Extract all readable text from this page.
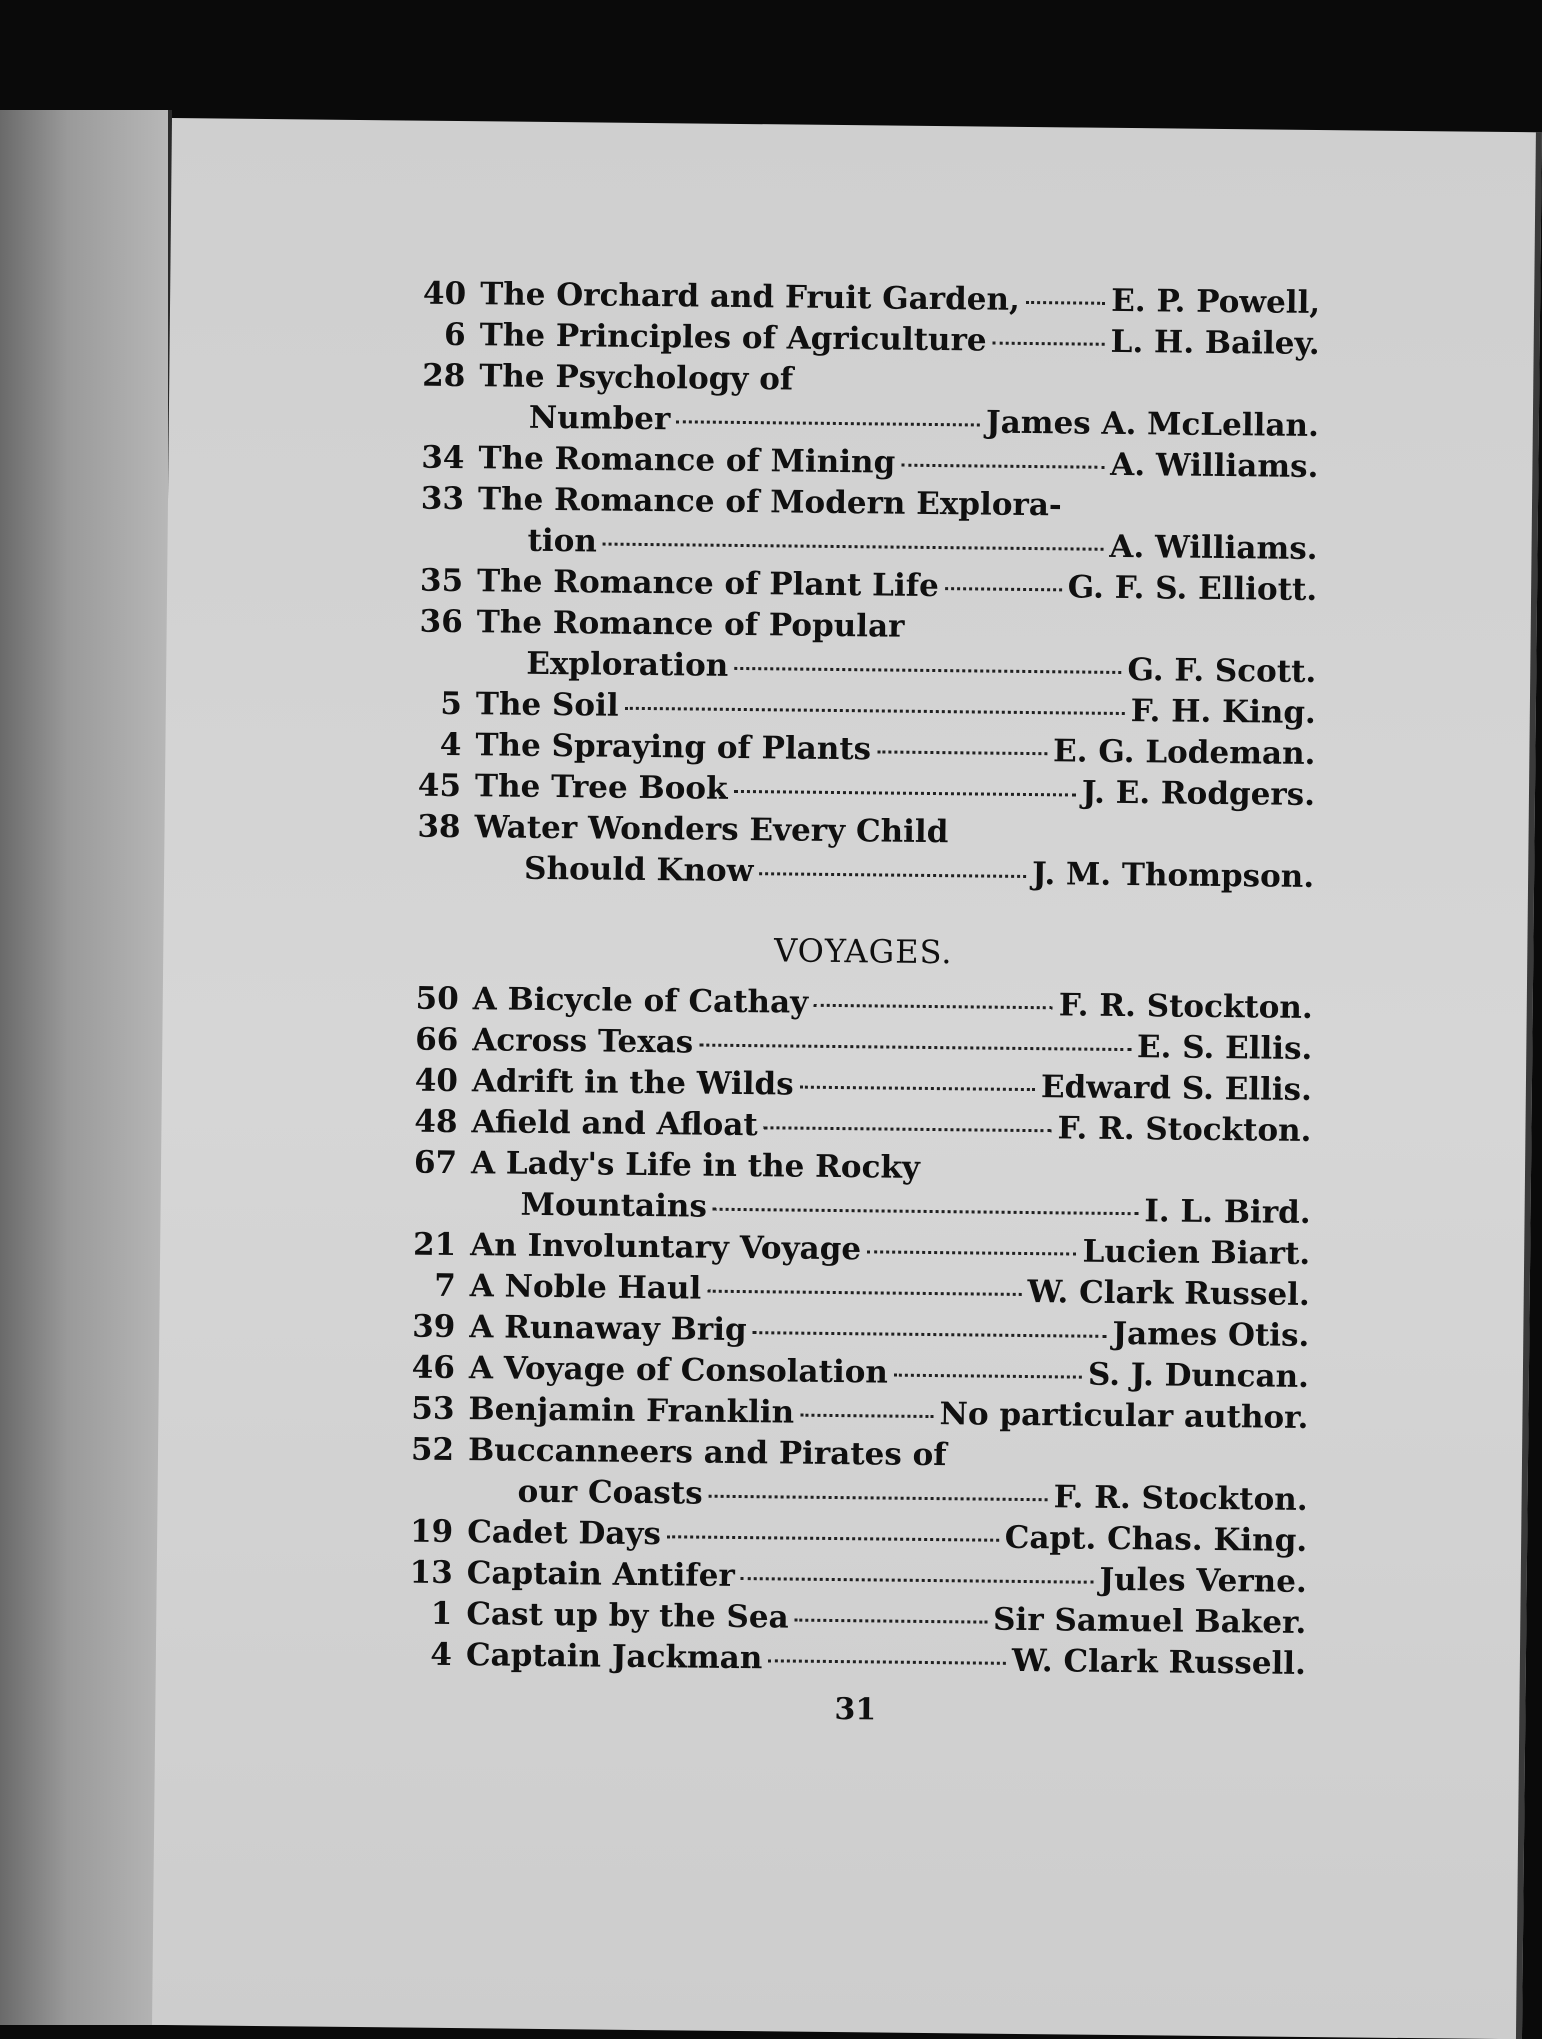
40 The Orchard and Fruit Garden,	E. P. Powell,
6 The Principles of Agriculture	L. H. Bailey.
28 The Psychology of
Number	James A. McLellan.
34 The Romance of Mining	A. Williams.
33 The Romance of Modern Explora-
tion	A. Williams.
35 The Romance of Plant Life	G. F. S. Elliott.
36 The Romance of Popular
Exploration	G. F. Scott.
5 The Soil	F. H. King.
4 The Spraying of Plants	E. G. Lodeman.
45 The Tree Book	J. E. Rodgers.
38 Water Wonders Every Child
Should Know	J. M. Thompson.
VOYAGES.
50 A Bicycle of Cathay	F. R. Stockton.
66 Across Texas	E. S. Ellis.
40 Adrift in the Wilds	Edward S. Ellis.
48 Afield and Afloat	F. R. Stockton.
67 A Lady's Life in the Rocky
Mountains	I. L. Bird.
21 An Involuntary Voyage	Lucien Biart.
7 A Noble Haul	W. Clark Russel.
39 A Runaway Brig	James Otis.
46 A Voyage of Consolation	S. J. Duncan.
53 Benjamin Franklin	No particular author.
52 Buccanneers and Pirates of
our Coasts	F. R. Stockton.
19 Cadet Days	Capt. Chas. King.
13 Captain Antifer	Jules Verne.
1 Cast up by the Sea	Sir Samuel Baker.
4 Captain Jackman	W. Clark Russell.
31
